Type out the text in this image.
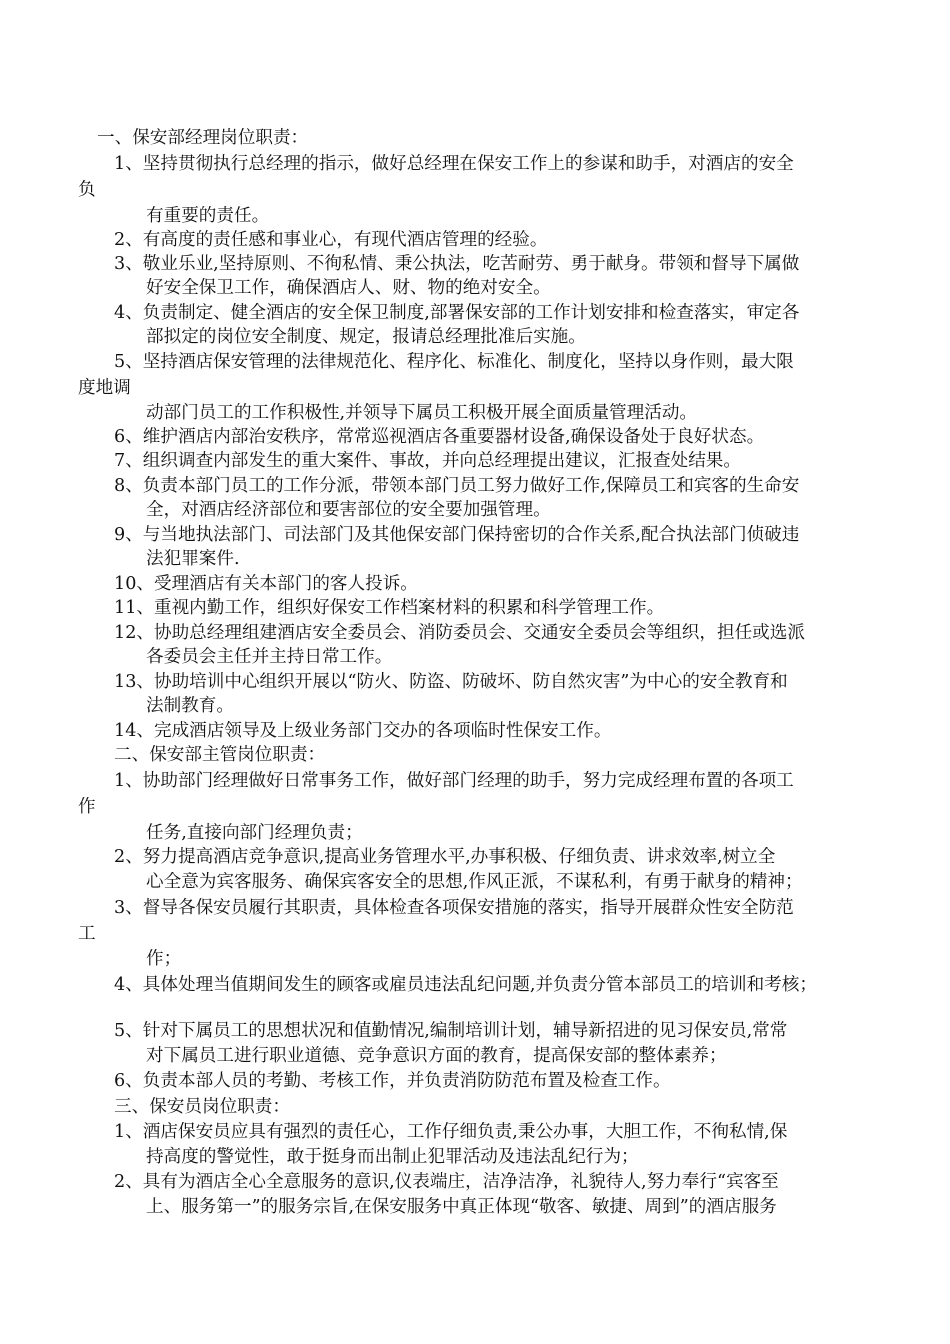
一、保安部经理岗位职责：
1、坚持贯彻执行总经理的指示，做好总经理在保安工作上的参谋和助手，对酒店的安全
负
有重要的责任。
2、有高度的责任感和事业心，有现代酒店管理的经验。
3、敬业乐业,坚持原则、不徇私情、秉公执法，吃苦耐劳、勇于献身。带领和督导下属做
好安全保卫工作，确保酒店人、财、物的绝对安全。
4、负责制定、健全酒店的安全保卫制度,部署保安部的工作计划安排和检查落实，审定各
部拟定的岗位安全制度、规定，报请总经理批准后实施。
5、坚持酒店保安管理的法律规范化、程序化、标准化、制度化，坚持以身作则，最大限
度地调
动部门员工的工作积极性,并领导下属员工积极开展全面质量管理活动。
6、维护酒店内部治安秩序，常常巡视酒店各重要器材设备,确保设备处于良好状态。
7、组织调查内部发生的重大案件、事故，并向总经理提出建议，汇报查处结果。
8、负责本部门员工的工作分派，带领本部门员工努力做好工作,保障员工和宾客的生命安
全，对酒店经济部位和要害部位的安全要加强管理。
9、与当地执法部门、司法部门及其他保安部门保持密切的合作关系,配合执法部门侦破违
法犯罪案件.
10、受理酒店有关本部门的客人投诉。
11、重视内勤工作，组织好保安工作档案材料的积累和科学管理工作。
12、协助总经理组建酒店安全委员会、消防委员会、交通安全委员会等组织，担任或选派
各委员会主任并主持日常工作。
13、协助培训中心组织开展以“防火、防盗、防破坏、防自然灾害”为中心的安全教育和
法制教育。
14、完成酒店领导及上级业务部门交办的各项临时性保安工作。
二、保安部主管岗位职责：
1、协助部门经理做好日常事务工作，做好部门经理的助手，努力完成经理布置的各项工
作
任务,直接向部门经理负责；
2、努力提高酒店竞争意识,提高业务管理水平,办事积极、仔细负责、讲求效率,树立全
心全意为宾客服务、确保宾客安全的思想,作风正派，不谋私利，有勇于献身的精神；
3、督导各保安员履行其职责，具体检查各项保安措施的落实，指导开展群众性安全防范
工
作；
4、具体处理当值期间发生的顾客或雇员违法乱纪问题,并负责分管本部员工的培训和考核；
5、针对下属员工的思想状况和值勤情况,编制培训计划，辅导新招进的见习保安员,常常
对下属员工进行职业道德、竞争意识方面的教育，提高保安部的整体素养；
6、负责本部人员的考勤、考核工作，并负责消防防范布置及检查工作。
三、保安员岗位职责：
1、酒店保安员应具有强烈的责任心，工作仔细负责,秉公办事，大胆工作，不徇私情,保
持高度的警觉性，敢于挺身而出制止犯罪活动及违法乱纪行为；
2、具有为酒店全心全意服务的意识,仪表端庄，洁净洁净，礼貌待人,努力奉行“宾客至
上、服务第一”的服务宗旨,在保安服务中真正体现“敬客、敏捷、周到”的酒店服务
